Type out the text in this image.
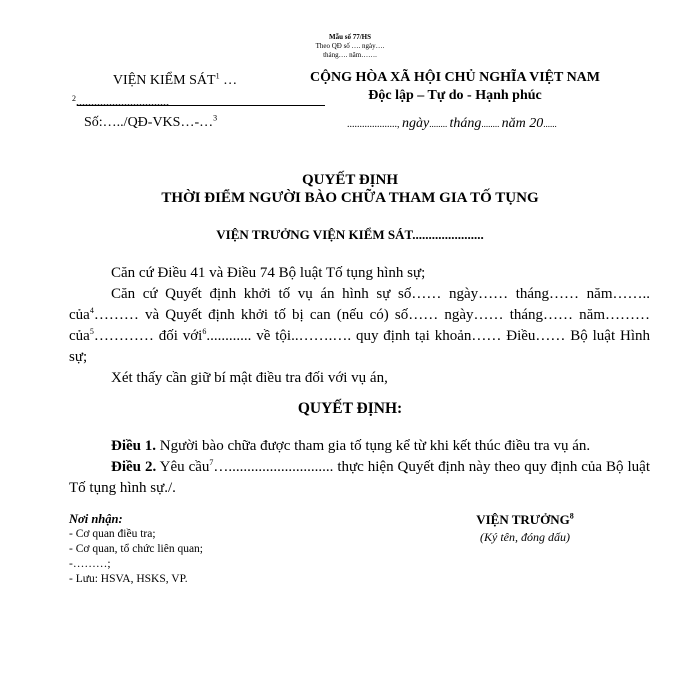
Mẫu số 77/HS
Theo QĐ số …. ngày….
tháng…. năm…….
VIỆN KIỂM SÁT$^1$ …
$^2$...............................
Số:…../QĐ-VKS…-…$^3$
CỘNG HÒA XÃ HỘI CHỦ NGHĨA VIỆT NAM
Độc lập – Tự do - Hạnh phúc
...................., ngày........ tháng........ năm 20......
QUYẾT ĐỊNH
THỜI ĐIỂM NGƯỜI BÀO CHỮA THAM GIA TỐ TỤNG
VIỆN TRƯỞNG VIỆN KIỂM SÁT......................
Căn cứ Điều 41 và Điều 74 Bộ luật Tố tụng hình sự;
Căn cứ Quyết định khởi tố vụ án hình sự số…… ngày…… tháng…… năm…….. của$^4$……… và Quyết định khởi tố bị can (nếu có) số…… ngày…… tháng…… năm……… của$^5$………… đối với$^6$............ về tội..…….…. quy định tại khoản…… Điều…… Bộ luật Hình sự;
Xét thấy cần giữ bí mật điều tra đối với vụ án,
QUYẾT ĐỊNH:
Điều 1. Người bào chữa được tham gia tố tụng kể từ khi kết thúc điều tra vụ án.
Điều 2. Yêu cầu$^7$…............................ thực hiện Quyết định này theo quy định của Bộ luật Tố tụng hình sự./.
Nơi nhận:
- Cơ quan điều tra;
- Cơ quan, tổ chức liên quan;
-………;
- Lưu: HSVA, HSKS, VP.
VIỆN TRƯỞNG$^8$
(Ký tên, đóng dấu)
